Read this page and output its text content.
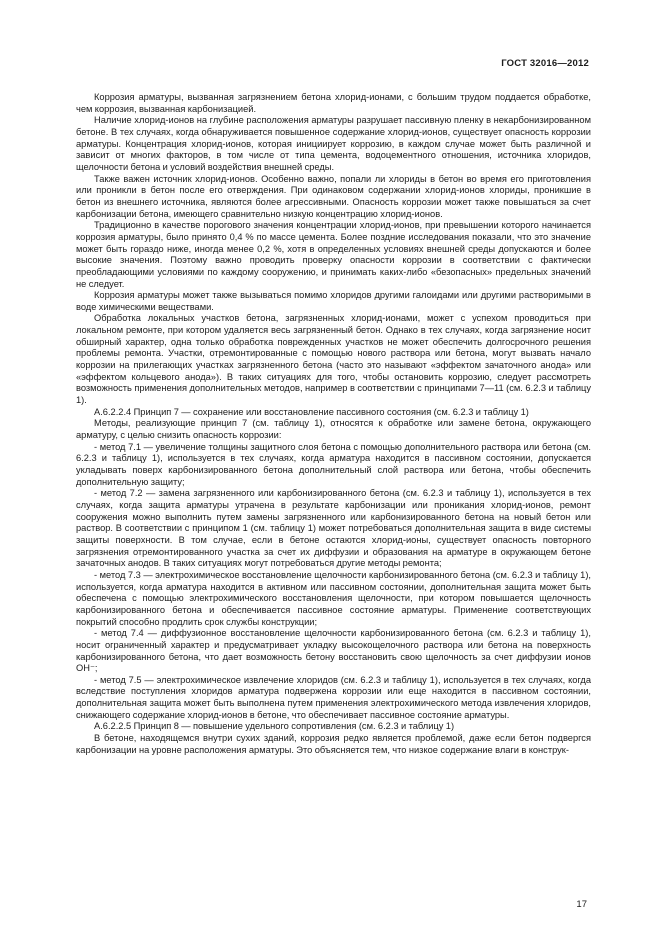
ГОСТ 32016—2012

Коррозия арматуры, вызванная загрязнением бетона хлорид-ионами, с большим трудом поддается обработке, чем коррозия, вызванная карбонизацией.

Наличие хлорид-ионов на глубине расположения арматуры разрушает пассивную пленку в некарбонизированном бетоне. В тех случаях, когда обнаруживается повышенное содержание хлорид-ионов, существует опасность коррозии арматуры. Концентрация хлорид-ионов, которая инициирует коррозию, в каждом случае может быть различной и зависит от многих факторов, в том числе от типа цемента, водоцементного отношения, источника хлоридов, щелочности бетона и условий воздействия внешней среды.

Также важен источник хлорид-ионов. Особенно важно, попали ли хлориды в бетон во время его приготовления или проникли в бетон после его отверждения. При одинаковом содержании хлорид-ионов хлориды, проникшие в бетон из внешнего источника, являются более агрессивными. Опасность коррозии может также повышаться за счет карбонизации бетона, имеющего сравнительно низкую концентрацию хлорид-ионов.

Традиционно в качестве порогового значения концентрации хлорид-ионов, при превышении которого начинается коррозия арматуры, было принято 0,4 % по массе цемента. Более поздние исследования показали, что это значение может быть гораздо ниже, иногда менее 0,2 %, хотя в определенных условиях внешней среды допускаются и более высокие значения. Поэтому важно проводить проверку опасности коррозии в соответствии с фактически преобладающими условиями по каждому сооружению, и принимать каких-либо «безопасных» предельных значений не следует.

Коррозия арматуры может также вызываться помимо хлоридов другими галоидами или другими растворимыми в воде химическими веществами.

Обработка локальных участков бетона, загрязненных хлорид-ионами, может с успехом проводиться при локальном ремонте, при котором удаляется весь загрязненный бетон. Однако в тех случаях, когда загрязнение носит обширный характер, одна только обработка поврежденных участков не может обеспечить долгосрочного решения проблемы ремонта. Участки, отремонтированные с помощью нового раствора или бетона, могут вызвать начало коррозии на прилегающих участках загрязненного бетона (часто это называют «эффектом зачаточного анода» или «эффектом кольцевого анода»). В таких ситуациях для того, чтобы остановить коррозию, следует рассмотреть возможность применения дополнительных методов, например в соответствии с принципами 7—11 (см. 6.2.3 и таблицу 1).

А.6.2.2.4 Принцип 7 — сохранение или восстановление пассивного состояния (см. 6.2.3 и таблицу 1)

Методы, реализующие принцип 7 (см. таблицу 1), относятся к обработке или замене бетона, окружающего арматуру, с целью снизить опасность коррозии:

- метод 7.1 — увеличение толщины защитного слоя бетона с помощью дополнительного раствора или бетона (см. 6.2.3 и таблицу 1), используется в тех случаях, когда арматура находится в пассивном состоянии, допускается укладывать поверх карбонизированного бетона дополнительный слой раствора или бетона, чтобы обеспечить дополнительную защиту;

- метод 7.2 — замена загрязненного или карбонизированного бетона (см. 6.2.3 и таблицу 1), используется в тех случаях, когда защита арматуры утрачена в результате карбонизации или проникания хлорид-ионов, ремонт сооружения можно выполнить путем замены загрязненного или карбонизированного бетона на новый бетон или раствор. В соответствии с принципом 1 (см. таблицу 1) может потребоваться дополнительная защита в виде системы защиты поверхности. В том случае, если в бетоне остаются хлорид-ионы, существует опасность повторного загрязнения отремонтированного участка за счет их диффузии и образования на арматуре в окружающем бетоне зачаточных анодов. В таких ситуациях могут потребоваться другие методы ремонта;

- метод 7.3 — электрохимическое восстановление щелочности карбонизированного бетона (см. 6.2.3 и таблицу 1), используется, когда арматура находится в активном или пассивном состоянии, дополнительная защита может быть обеспечена с помощью электрохимического восстановления щелочности, при котором повышается щелочность карбонизированного бетона и обеспечивается пассивное состояние арматуры. Применение соответствующих покрытий способно продлить срок службы конструкции;

- метод 7.4 — диффузионное восстановление щелочности карбонизированного бетона (см. 6.2.3 и таблицу 1), носит ограниченный характер и предусматривает укладку высокощелочного раствора или бетона на поверхность карбонизированного бетона, что дает возможность бетону восстановить свою щелочность за счет диффузии ионов ОН⁻;

- метод 7.5 — электрохимическое извлечение хлоридов (см. 6.2.3 и таблицу 1), используется в тех случаях, когда вследствие поступления хлоридов арматура подвержена коррозии или еще находится в пассивном состоянии, дополнительная защита может быть выполнена путем применения электрохимического метода извлечения хлоридов, снижающего содержание хлорид-ионов в бетоне, что обеспечивает пассивное состояние арматуры.

А.6.2.2.5 Принцип 8 — повышение удельного сопротивления (см. 6.2.3 и таблицу 1)

В бетоне, находящемся внутри сухих зданий, коррозия редко является проблемой, даже если бетон подвергся карбонизации на уровне расположения арматуры. Это объясняется тем, что низкое содержание влаги в конструк-

17
